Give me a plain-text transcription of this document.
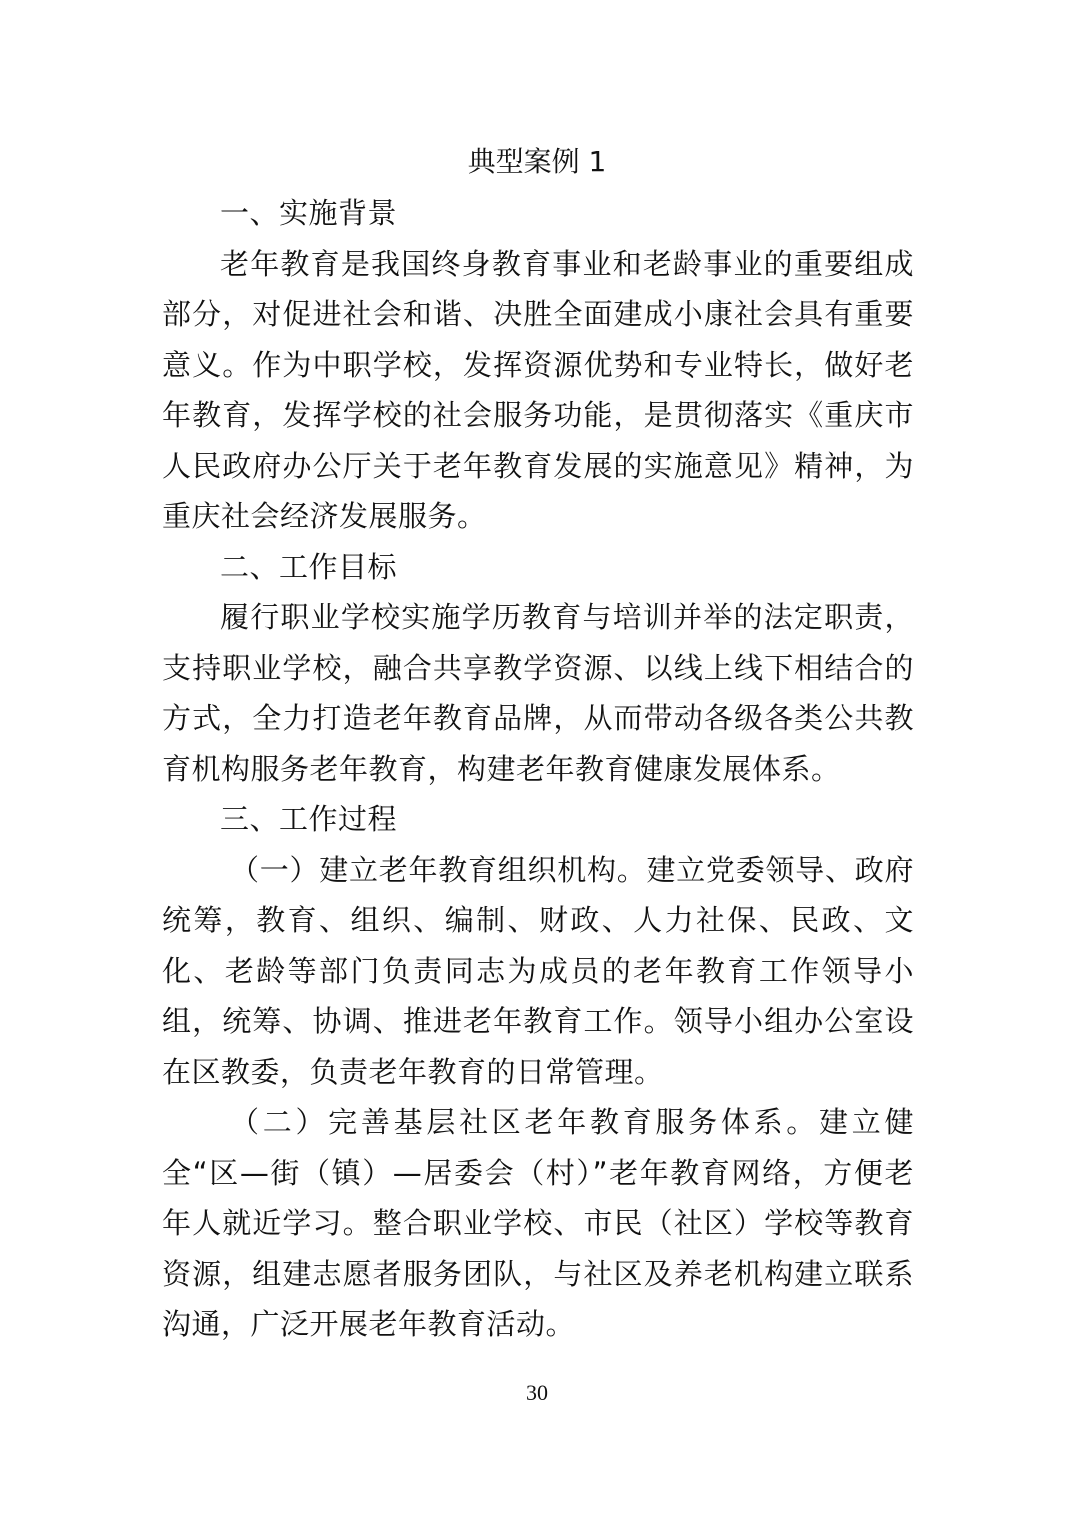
典型案例 1
一、实施背景

老年教育是我国终身教育事业和老龄事业的重要组成部分，对促进社会和谐、决胜全面建成小康社会具有重要意义。作为中职学校，发挥资源优势和专业特长，做好老年教育，发挥学校的社会服务功能，是贯彻落实《重庆市人民政府办公厅关于老年教育发展的实施意见》精神，为重庆社会经济发展服务。

二、工作目标

履行职业学校实施学历教育与培训并举的法定职责，支持职业学校，融合共享教学资源、以线上线下相结合的方式，全力打造老年教育品牌，从而带动各级各类公共教育机构服务老年教育，构建老年教育健康发展体系。

三、工作过程

（一）建立老年教育组织机构。建立党委领导、政府统筹，教育、组织、编制、财政、人力社保、民政、文化、老龄等部门负责同志为成员的老年教育工作领导小组，统筹、协调、推进老年教育工作。领导小组办公室设在区教委，负责老年教育的日常管理。

（二）完善基层社区老年教育服务体系。建立健全“区—街（镇）—居委会（村）”老年教育网络，方便老年人就近学习。整合职业学校、市民（社区）学校等教育资源，组建志愿者服务团队，与社区及养老机构建立联系沟通，广泛开展老年教育活动。

30
